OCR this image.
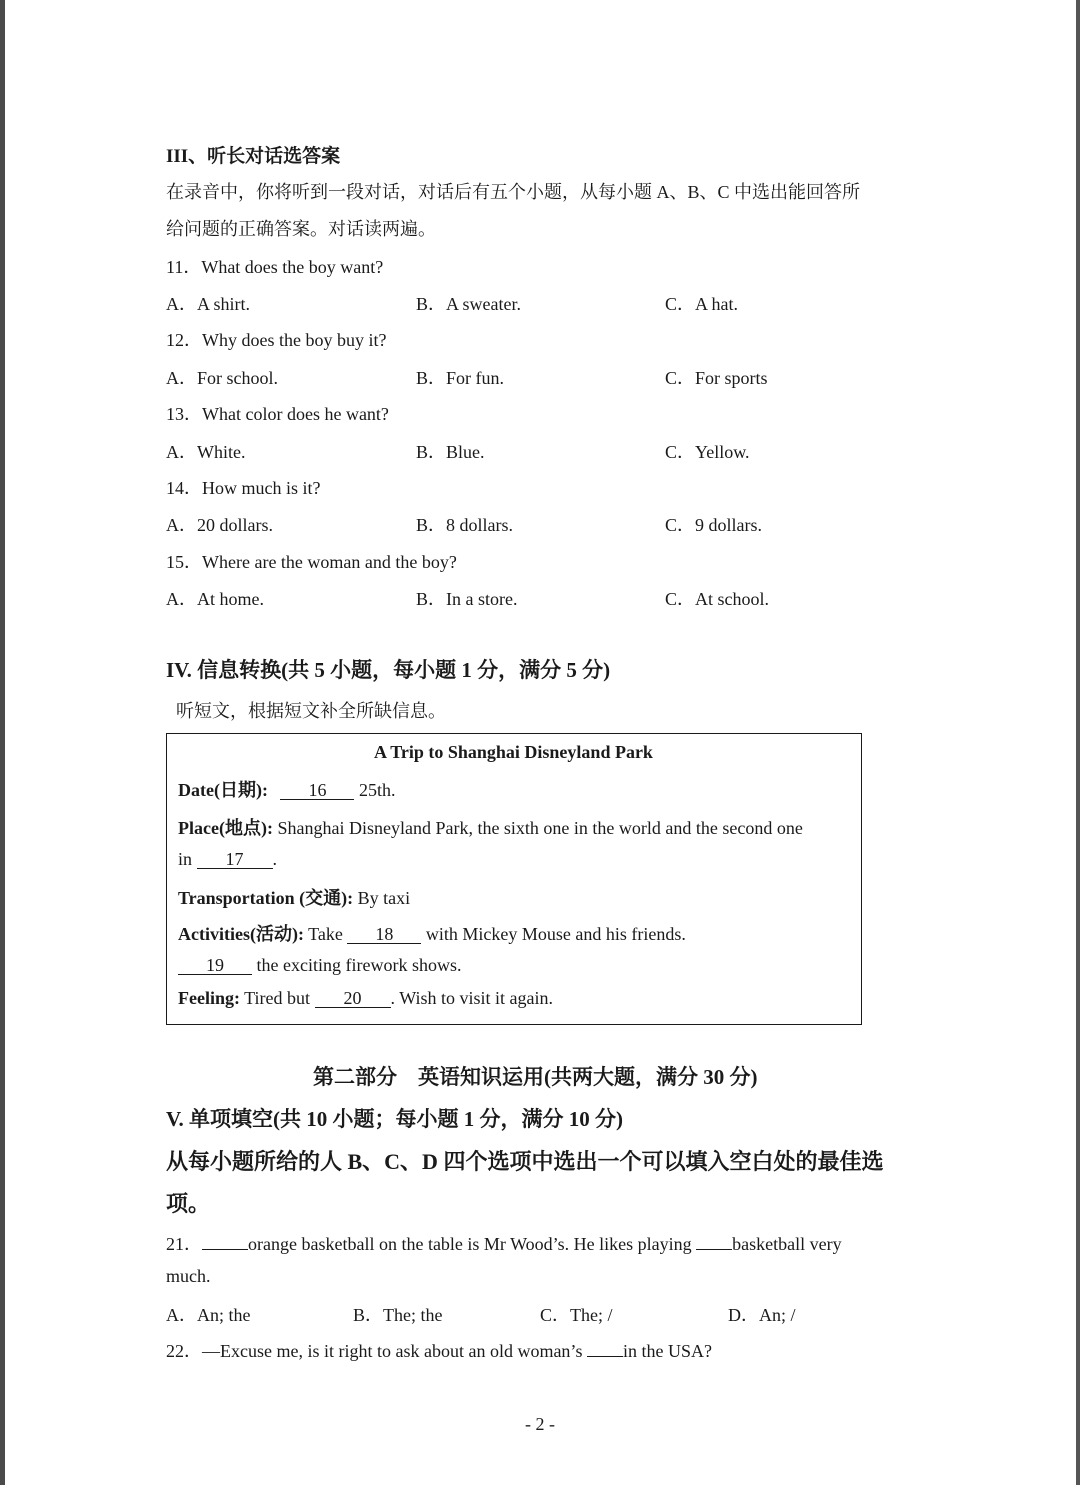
III、听长对话选答案
在录音中，你将听到一段对话，对话后有五个小题，从每小题 A、B、C 中选出能回答所
给问题的正确答案。对话读两遍。
11．What does the boy want?
A．A shirt.	B．A sweater.	C．A hat.
12．Why does the boy buy it?
A．For school.	B．For fun.	C．For sports
13．What color does he want?
A．White.	B．Blue.	C．Yellow.
14．How much is it?
A．20 dollars.	B．8 dollars.	C．9 dollars.
15．Where are the woman and the boy?
A．At home.	B．In a store.	C．At school.
IV. 信息转换(共 5 小题，每小题 1 分，满分 5 分)
听短文，根据短文补全所缺信息。
A Trip to Shanghai Disneyland Park
Date(日期): 16 25th.
Place(地点): Shanghai Disneyland Park, the sixth one in the world and the second one
in 17 .
Transportation (交通): By taxi
Activities(活动): Take 18 with Mickey Mouse and his friends.
19 the exciting firework shows.
Feeling: Tired but 20 . Wish to visit it again.
第二部分　英语知识运用(共两大题，满分 30 分)
V. 单项填空(共 10 小题；每小题 1 分，满分 10 分)
从每小题所给的人 B、C、D 四个选项中选出一个可以填入空白处的最佳选
项。
21．	orange basketball on the table is Mr Wood’s. He likes playing basketball very
much.
A．An; the	B．The; the	C．The; /	D．An; /
22．—Excuse me, is it right to ask about an old woman’s in the USA?
- 2 -
